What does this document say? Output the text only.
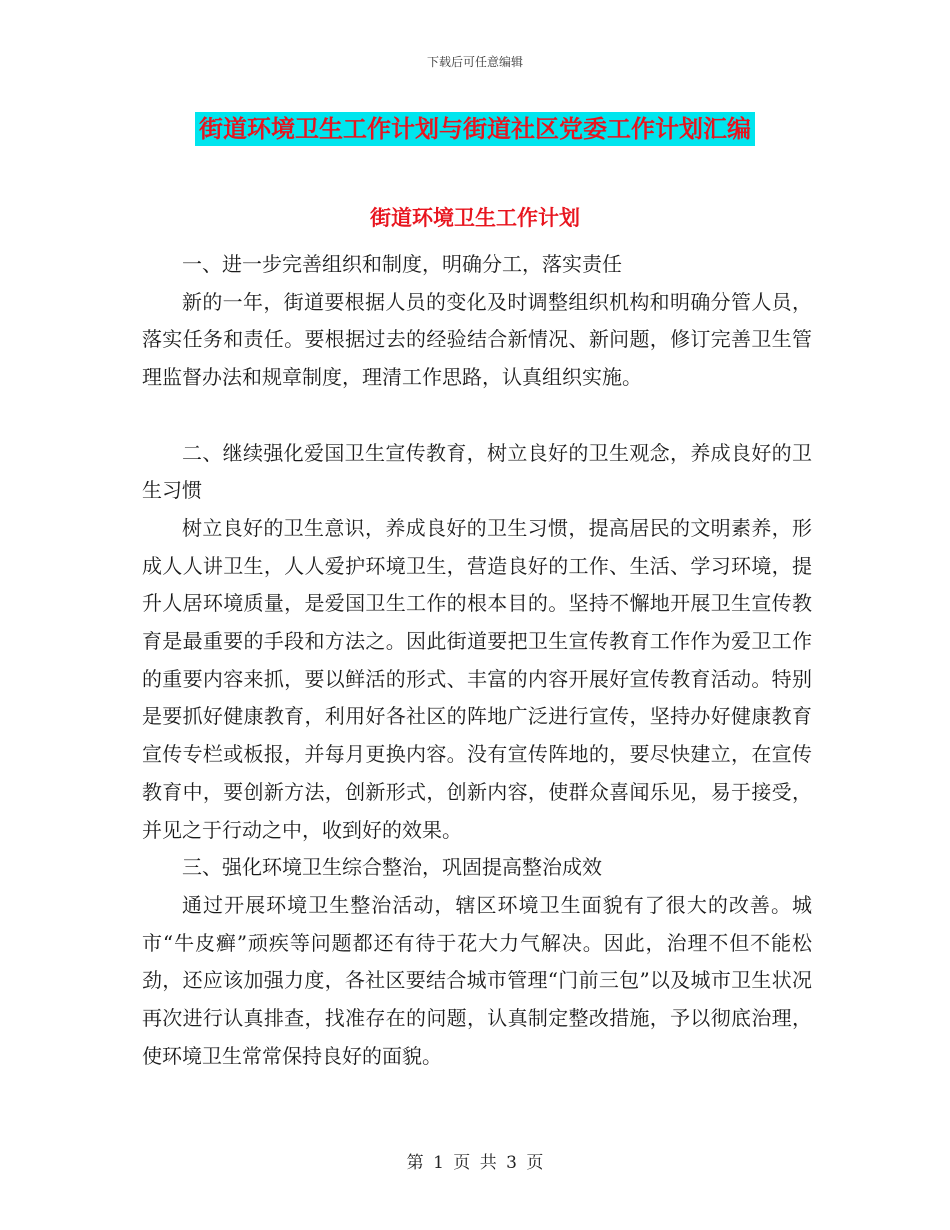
下载后可任意编辑
街道环境卫生工作计划与街道社区党委工作计划汇编
街道环境卫生工作计划

一、进一步完善组织和制度，明确分工，落实责任

新的一年，街道要根据人员的变化及时调整组织机构和明确分管人员，落实任务和责任。要根据过去的经验结合新情况、新问题，修订完善卫生管理监督办法和规章制度，理清工作思路，认真组织实施。

二、继续强化爱国卫生宣传教育，树立良好的卫生观念，养成良好的卫生习惯

树立良好的卫生意识，养成良好的卫生习惯，提高居民的文明素养，形成人人讲卫生，人人爱护环境卫生，营造良好的工作、生活、学习环境，提升人居环境质量，是爱国卫生工作的根本目的。坚持不懈地开展卫生宣传教育是最重要的手段和方法之。因此街道要把卫生宣传教育工作作为爱卫工作的重要内容来抓，要以鲜活的形式、丰富的内容开展好宣传教育活动。特别是要抓好健康教育，利用好各社区的阵地广泛进行宣传，坚持办好健康教育宣传专栏或板报，并每月更换内容。没有宣传阵地的，要尽快建立，在宣传教育中，要创新方法，创新形式，创新内容，使群众喜闻乐见，易于接受，并见之于行动之中，收到好的效果。

三、强化环境卫生综合整治，巩固提高整治成效

通过开展环境卫生整治活动，辖区环境卫生面貌有了很大的改善。城市“牛皮癣”顽疾等问题都还有待于花大力气解决。因此，治理不但不能松劲，还应该加强力度，各社区要结合城市管理“门前三包”以及城市卫生状况再次进行认真排查，找准存在的问题，认真制定整改措施，予以彻底治理，使环境卫生常常保持良好的面貌。

第 1 页 共 3 页
